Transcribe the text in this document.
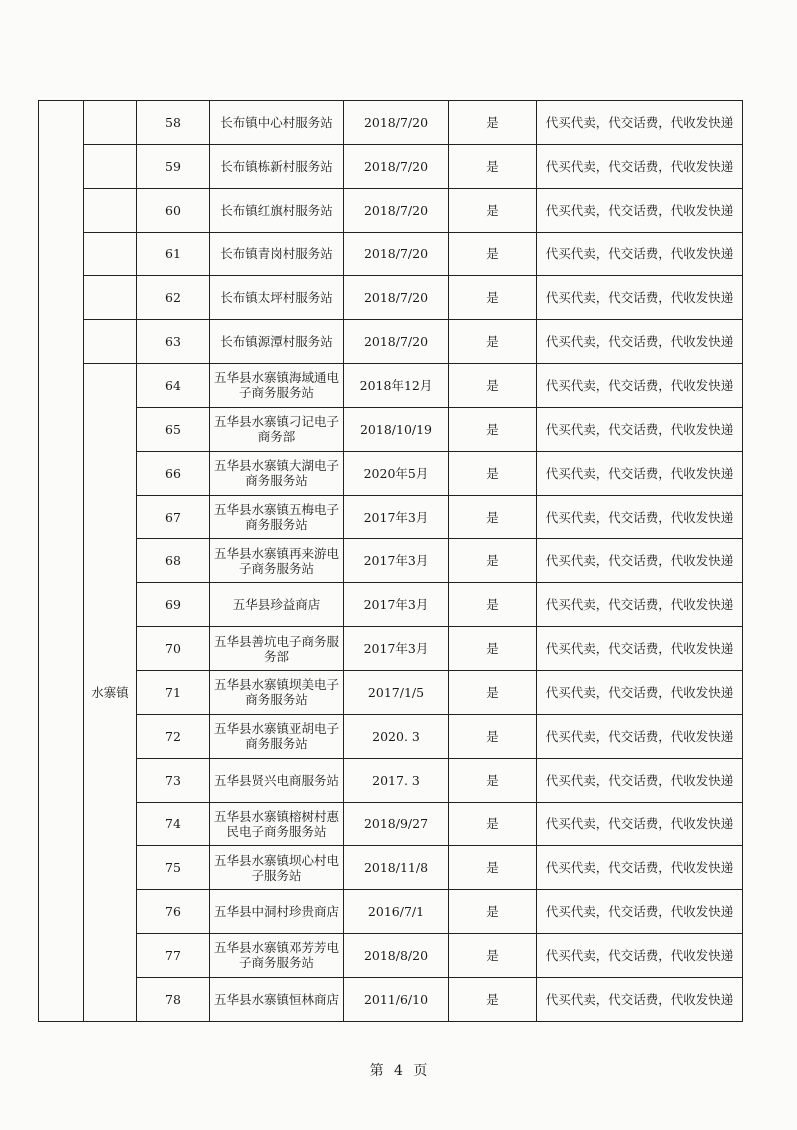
		58	长布镇中心村服务站	2018/7/20	是	代买代卖，代交话费，代收发快递
		59	长布镇栋新村服务站	2018/7/20	是	代买代卖，代交话费，代收发快递
		60	长布镇红旗村服务站	2018/7/20	是	代买代卖，代交话费，代收发快递
		61	长布镇青岗村服务站	2018/7/20	是	代买代卖，代交话费，代收发快递
		62	长布镇太坪村服务站	2018/7/20	是	代买代卖，代交话费，代收发快递
		63	长布镇源潭村服务站	2018/7/20	是	代买代卖，代交话费，代收发快递
	水寨镇	64	五华县水寨镇海域通电子商务服务站	2018年12月	是	代买代卖，代交话费，代收发快递
		65	五华县水寨镇刁记电子商务部	2018/10/19	是	代买代卖，代交话费，代收发快递
		66	五华县水寨镇大湖电子商务服务站	2020年5月	是	代买代卖，代交话费，代收发快递
		67	五华县水寨镇五梅电子商务服务站	2017年3月	是	代买代卖，代交话费，代收发快递
		68	五华县水寨镇再来游电子商务服务站	2017年3月	是	代买代卖，代交话费，代收发快递
		69	五华县珍益商店	2017年3月	是	代买代卖，代交话费，代收发快递
		70	五华县善坑电子商务服务部	2017年3月	是	代买代卖，代交话费，代收发快递
		71	五华县水寨镇坝美电子商务服务站	2017/1/5	是	代买代卖，代交话费，代收发快递
		72	五华县水寨镇亚胡电子商务服务站	2020. 3	是	代买代卖，代交话费，代收发快递
		73	五华县贤兴电商服务站	2017. 3	是	代买代卖，代交话费，代收发快递
		74	五华县水寨镇榕树村惠民电子商务服务站	2018/9/27	是	代买代卖，代交话费，代收发快递
		75	五华县水寨镇坝心村电子服务站	2018/11/8	是	代买代卖，代交话费，代收发快递
		76	五华县中洞村珍贵商店	2016/7/1	是	代买代卖，代交话费，代收发快递
		77	五华县水寨镇邓芳芳电子商务服务站	2018/8/20	是	代买代卖，代交话费，代收发快递
		78	五华县水寨镇恒林商店	2011/6/10	是	代买代卖，代交话费，代收发快递
第 4 页
